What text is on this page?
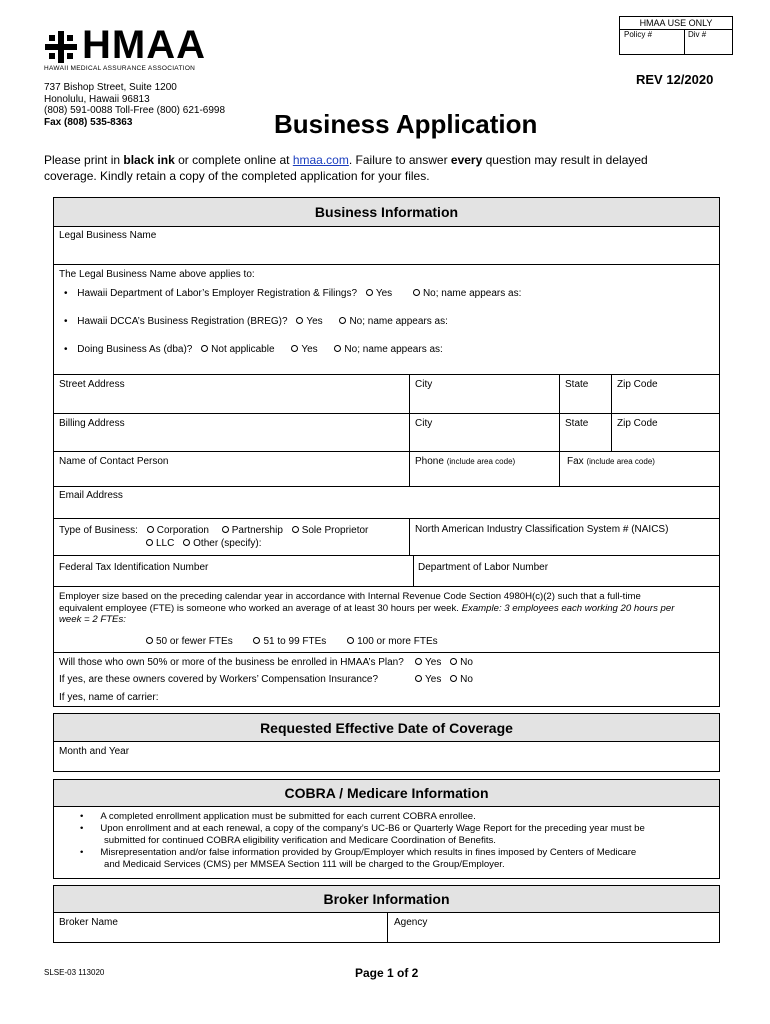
HMAA USE ONLY
Policy #	Div #
HMAA
HAWAII MEDICAL ASSURANCE ASSOCIATION
737 Bishop Street, Suite 1200
Honolulu, Hawaii 96813
(808) 591-0088 Toll-Free (800) 621-6998
Fax (808) 535-8363
REV 12/2020
Business Application
Please print in black ink or complete online at hmaa.com. Failure to answer every question may result in delayed
coverage. Kindly retain a copy of the completed application for your files.
Business Information
Legal Business Name
The Legal Business Name above applies to:
• Hawaii Department of Labor’s Employer Registration & Filings? Yes	No; name appears as:
• Hawaii DCCA’s Business Registration (BREG)? Yes	No; name appears as:
• Doing Business As (dba)? Not applicable	Yes	No; name appears as:
Street Address	City	State	Zip Code
Billing Address	City	State	Zip Code
Name of Contact Person	Phone (include area code)	Fax (include area code)
Email Address
Type of Business: Corporation Partnership Sole Proprietor
LLC Other (specify):
North American Industry Classification System # (NAICS)
Federal Tax Identification Number	Department of Labor Number
Employer size based on the preceding calendar year in accordance with Internal Revenue Code Section 4980H(c)(2) such that a full-time
equivalent employee (FTE) is someone who worked an average of at least 30 hours per week. Example: 3 employees each working 20 hours per
week = 2 FTEs:
50 or fewer FTEs	51 to 99 FTEs	100 or more FTEs
Will those who own 50% or more of the business be enrolled in HMAA’s Plan?	Yes No
If yes, are these owners covered by Workers’ Compensation Insurance?	Yes No
If yes, name of carrier:
Requested Effective Date of Coverage
Month and Year
COBRA / Medicare Information
• A completed enrollment application must be submitted for each current COBRA enrollee.
• Upon enrollment and at each renewal, a copy of the company’s UC-B6 or Quarterly Wage Report for the preceding year must be
submitted for continued COBRA eligibility verification and Medicare Coordination of Benefits.
• Misrepresentation and/or false information provided by Group/Employer which results in fines imposed by Centers of Medicare
and Medicaid Services (CMS) per MMSEA Section 111 will be charged to the Group/Employer.
Broker Information
Broker Name	Agency
SLSE-03 113020	Page 1 of 2
